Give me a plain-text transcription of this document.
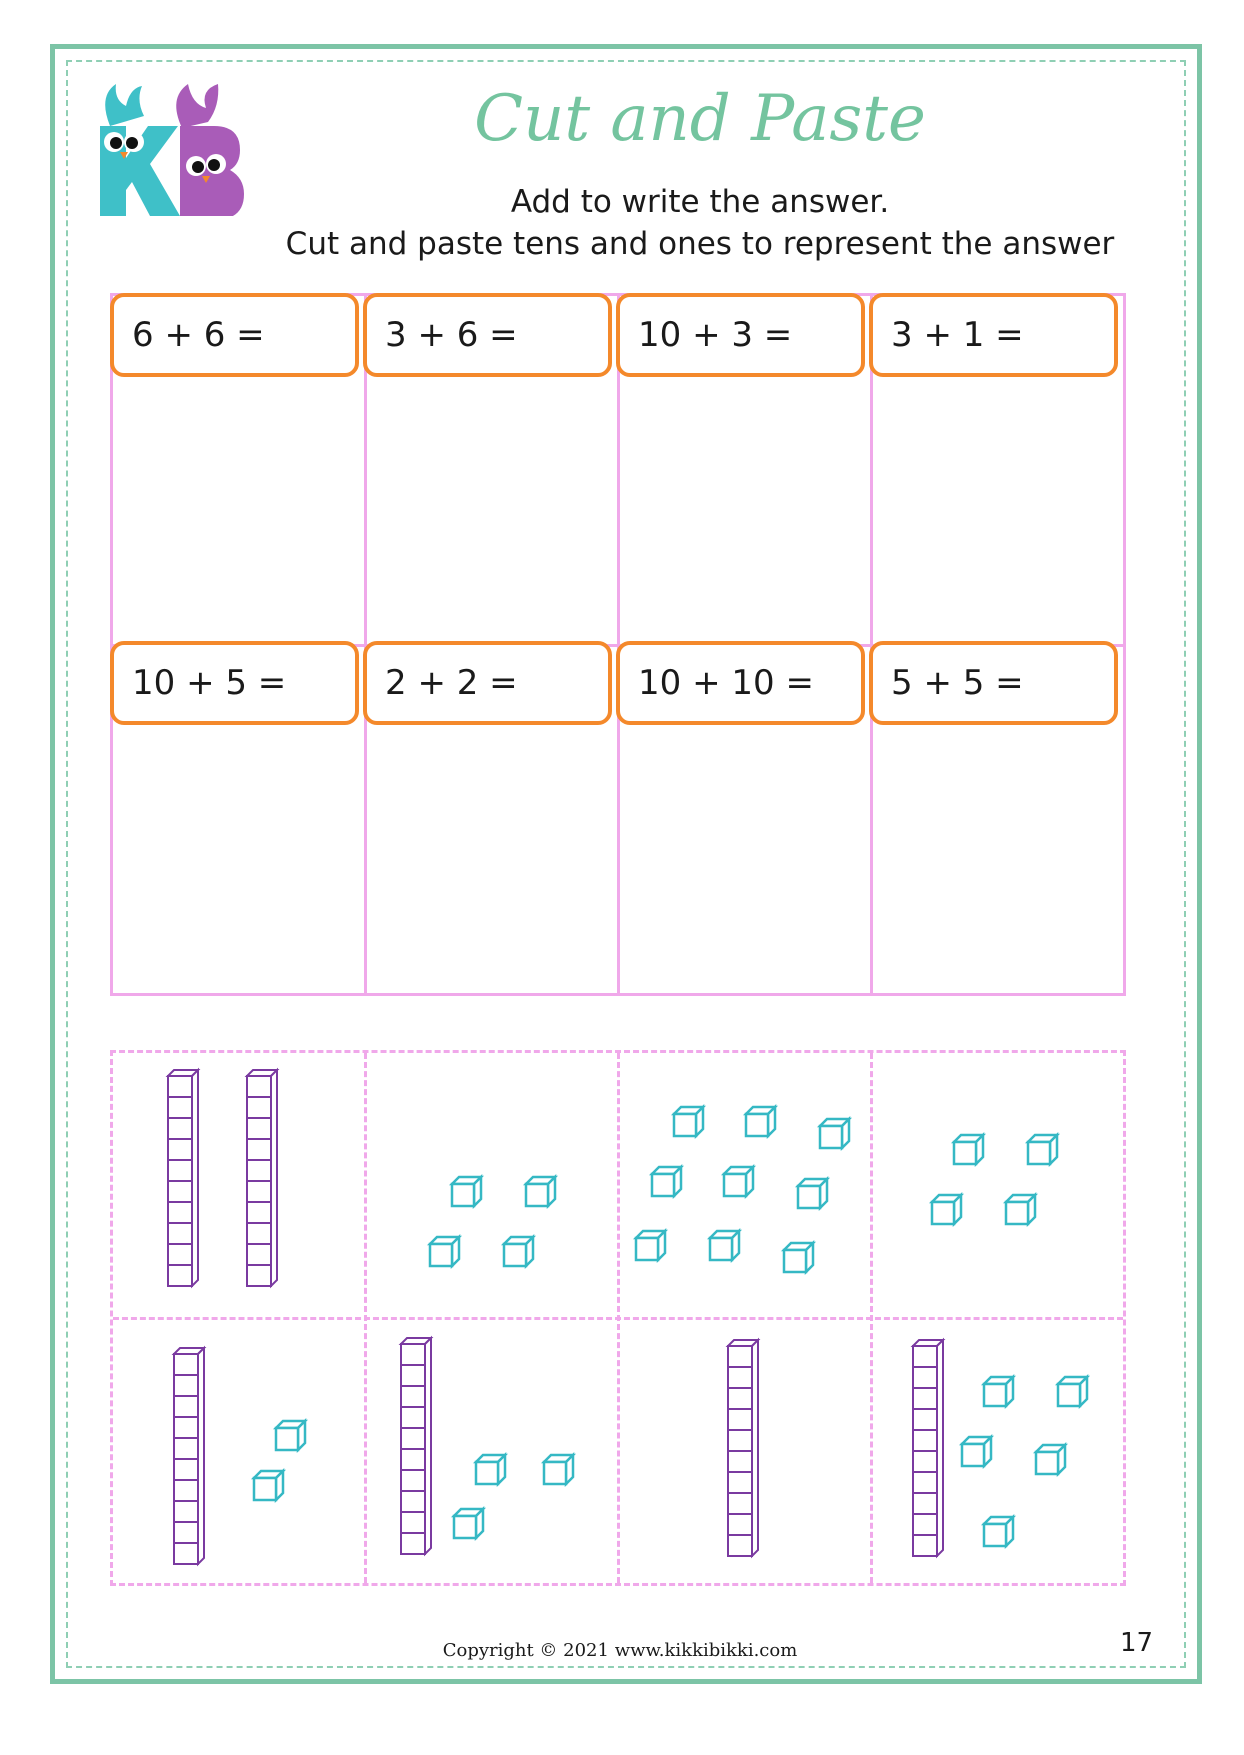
Cut and Paste
Add to write the answer.
Cut and paste tens and ones to represent the answer
6 + 6 =	3 + 6 =	10 + 3 =	3 + 1 =
10 + 5 =	2 + 2 =	10 + 10 =	5 + 5 =
Copyright © 2021 www.kikkibikki.com	17
